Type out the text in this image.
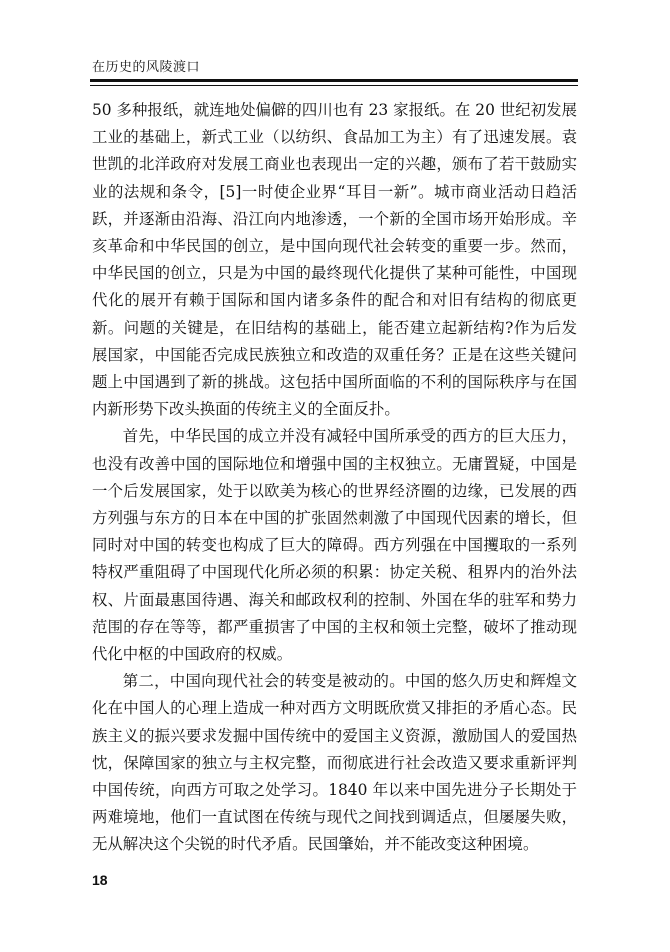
在历史的风陵渡口

50 多种报纸，就连地处偏僻的四川也有 23 家报纸。在 20 世纪初发展工业的基础上，新式工业（以纺织、食品加工为主）有了迅速发展。袁世凯的北洋政府对发展工商业也表现出一定的兴趣，颁布了若干鼓励实业的法规和条令，[5]一时使企业界“耳目一新”。城市商业活动日趋活跃，并逐渐由沿海、沿江向内地渗透，一个新的全国市场开始形成。辛亥革命和中华民国的创立，是中国向现代社会转变的重要一步。然而，中华民国的创立，只是为中国的最终现代化提供了某种可能性，中国现代化的展开有赖于国际和国内诸多条件的配合和对旧有结构的彻底更新。问题的关键是，在旧结构的基础上，能否建立起新结构?作为后发展国家，中国能否完成民族独立和改造的双重任务？正是在这些关键问题上中国遇到了新的挑战。这包括中国所面临的不利的国际秩序与在国内新形势下改头换面的传统主义的全面反扑。

首先，中华民国的成立并没有减轻中国所承受的西方的巨大压力，也没有改善中国的国际地位和增强中国的主权独立。无庸置疑，中国是一个后发展国家，处于以欧美为核心的世界经济圈的边缘，已发展的西方列强与东方的日本在中国的扩张固然刺激了中国现代因素的增长，但同时对中国的转变也构成了巨大的障碍。西方列强在中国攫取的一系列特权严重阻碍了中国现代化所必须的积累：协定关税、租界内的治外法权、片面最惠国待遇、海关和邮政权利的控制、外国在华的驻军和势力范围的存在等等，都严重损害了中国的主权和领土完整，破坏了推动现代化中枢的中国政府的权威。

第二，中国向现代社会的转变是被动的。中国的悠久历史和辉煌文化在中国人的心理上造成一种对西方文明既欣赏又排拒的矛盾心态。民族主义的振兴要求发掘中国传统中的爱国主义资源，激励国人的爱国热忱，保障国家的独立与主权完整，而彻底进行社会改造又要求重新评判中国传统，向西方可取之处学习。1840 年以来中国先进分子长期处于两难境地，他们一直试图在传统与现代之间找到调适点，但屡屡失败，无从解决这个尖锐的时代矛盾。民国肇始，并不能改变这种困境。

18
